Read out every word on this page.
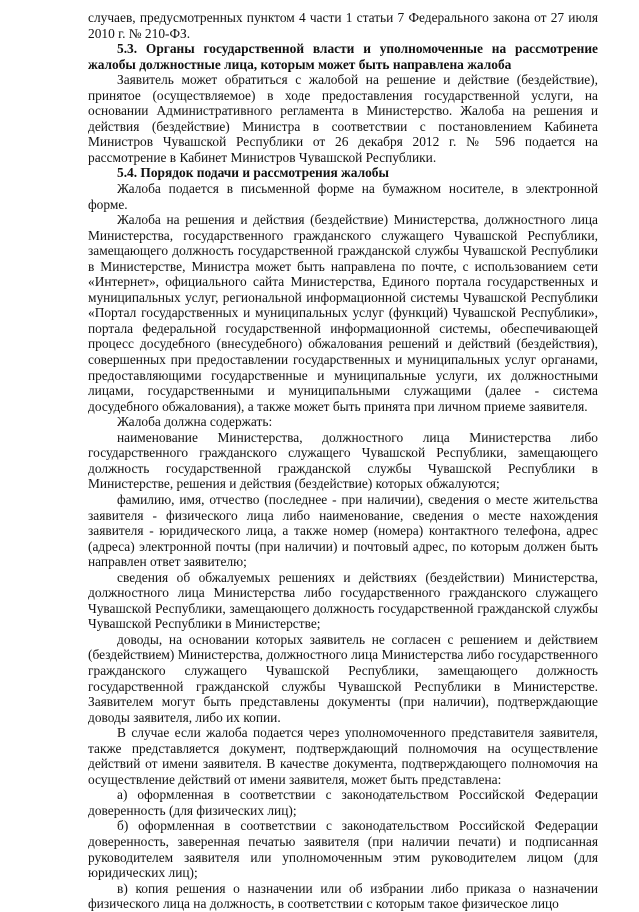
случаев, предусмотренных пунктом 4 части 1 статьи 7 Федерального закона от 27 июля 2010 г. № 210-ФЗ.

5.3. Органы государственной власти и уполномоченные на рассмотрение жалобы должностные лица, которым может быть направлена жалоба

Заявитель может обратиться с жалобой на решение и действие (бездействие), принятое (осуществляемое) в ходе предоставления государственной услуги, на основании Административного регламента в Министерство. Жалоба на решения и действия (бездействие) Министра в соответствии с постановлением Кабинета Министров Чувашской Республики от 26 декабря 2012 г. № 596 подается на рассмотрение в Кабинет Министров Чувашской Республики.

5.4. Порядок подачи и рассмотрения жалобы

Жалоба подается в письменной форме на бумажном носителе, в электронной форме.

Жалоба на решения и действия (бездействие) Министерства, должностного лица Министерства, государственного гражданского служащего Чувашской Республики, замещающего должность государственной гражданской службы Чувашской Республики в Министерстве, Министра может быть направлена по почте, с использованием сети «Интернет», официального сайта Министерства, Единого портала государственных и муниципальных услуг, региональной информационной системы Чувашской Республики «Портал государственных и муниципальных услуг (функций) Чувашской Республики», портала федеральной государственной информационной системы, обеспечивающей процесс досудебного (внесудебного) обжалования решений и действий (бездействия), совершенных при предоставлении государственных и муниципальных услуг органами, предоставляющими государственные и муниципальные услуги, их должностными лицами, государственными и муниципальными служащими (далее - система досудебного обжалования), а также может быть принята при личном приеме заявителя.

Жалоба должна содержать:

наименование Министерства, должностного лица Министерства либо государственного гражданского служащего Чувашской Республики, замещающего должность государственной гражданской службы Чувашской Республики в Министерстве, решения и действия (бездействие) которых обжалуются;

фамилию, имя, отчество (последнее - при наличии), сведения о месте жительства заявителя - физического лица либо наименование, сведения о месте нахождения заявителя - юридического лица, а также номер (номера) контактного телефона, адрес (адреса) электронной почты (при наличии) и почтовый адрес, по которым должен быть направлен ответ заявителю;

сведения об обжалуемых решениях и действиях (бездействии) Министерства, должностного лица Министерства либо государственного гражданского служащего Чувашской Республики, замещающего должность государственной гражданской службы Чувашской Республики в Министерстве;

доводы, на основании которых заявитель не согласен с решением и действием (бездействием) Министерства, должностного лица Министерства либо государственного гражданского служащего Чувашской Республики, замещающего должность государственной гражданской службы Чувашской Республики в Министерстве. Заявителем могут быть представлены документы (при наличии), подтверждающие доводы заявителя, либо их копии.

В случае если жалоба подается через уполномоченного представителя заявителя, также представляется документ, подтверждающий полномочия на осуществление действий от имени заявителя. В качестве документа, подтверждающего полномочия на осуществление действий от имени заявителя, может быть представлена:

а) оформленная в соответствии с законодательством Российской Федерации доверенность (для физических лиц);

б) оформленная в соответствии с законодательством Российской Федерации доверенность, заверенная печатью заявителя (при наличии печати) и подписанная руководителем заявителя или уполномоченным этим руководителем лицом (для юридических лиц);

в) копия решения о назначении или об избрании либо приказа о назначении физического лица на должность, в соответствии с которым такое физическое лицо
